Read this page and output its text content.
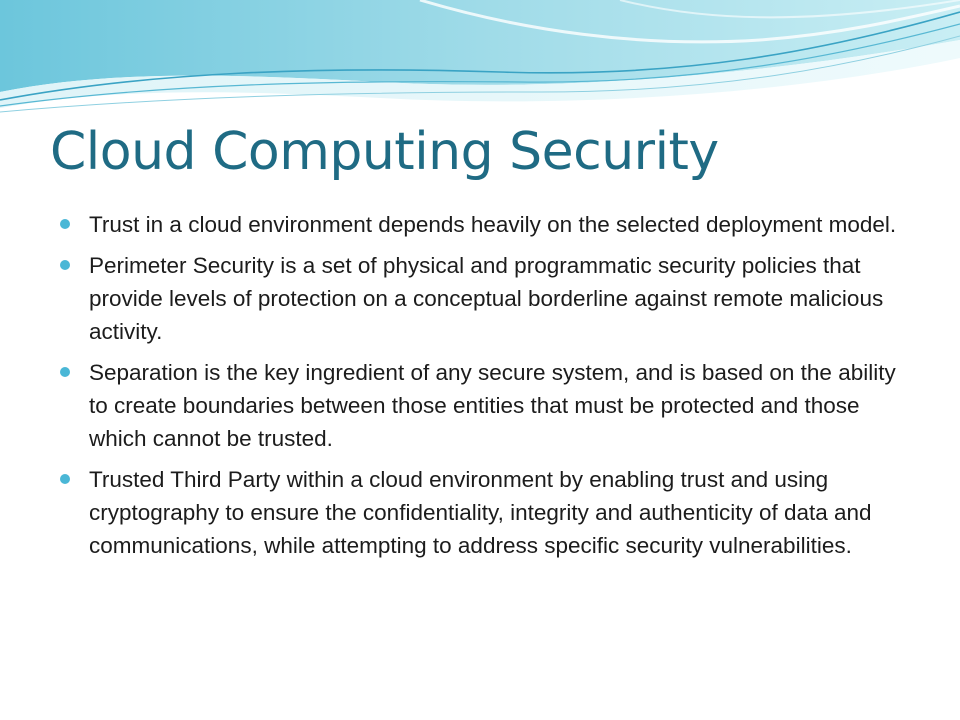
Cloud Computing Security
Trust in a cloud environment depends heavily on the selected deployment model.
Perimeter Security is a set of physical and programmatic security policies that provide levels of protection on a conceptual borderline against remote malicious activity.
Separation is the key ingredient of any secure system, and is based on the ability to create boundaries between those entities that must be protected and those which cannot be trusted.
Trusted Third Party within a cloud environment by enabling trust and using cryptography to ensure the confidentiality, integrity and authenticity of data and communications, while attempting to address specific security vulnerabilities.
